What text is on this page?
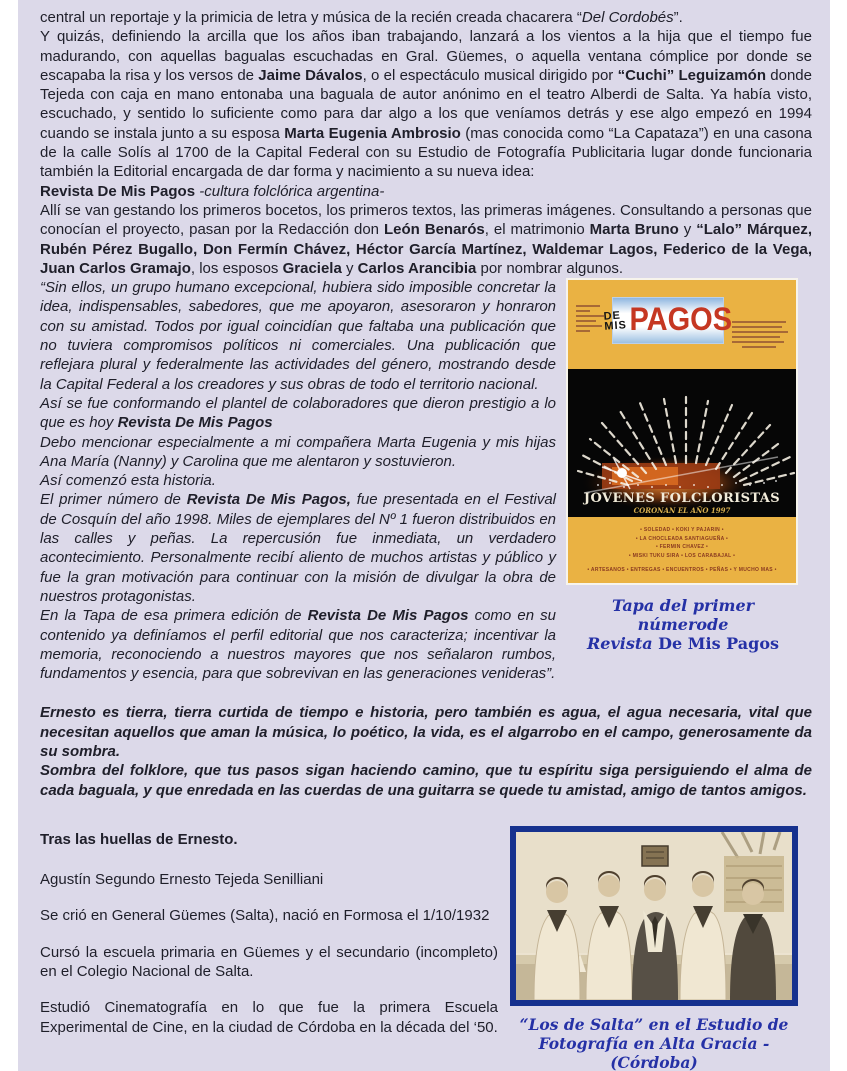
central un reportaje y la primicia de letra y música de la recién creada chacarera “Del Cordobés”.

Y quizás, definiendo la arcilla que los años iban trabajando, lanzará a los vientos a la hija que el tiempo fue madurando, con aquellas bagualas escuchadas en Gral. Güemes, o aquella ventana cómplice por donde se escapaba la risa y los versos de Jaime Dávalos, o el espectáculo musical dirigido por “Cuchi” Leguizamón donde Tejeda con caja en mano entonaba una baguala de autor anónimo en el teatro Alberdi de Salta. Ya había visto, escuchado, y sentido lo suficiente como para dar algo a los que veníamos detrás y ese algo empezó en 1994 cuando se instala junto a su esposa Marta Eugenia Ambrosio (mas conocida como “La Capataza”) en una casona de la calle Solís al 1700 de la Capital Federal con su Estudio de Fotografía Publicitaria lugar donde funcionaria también la Editorial encargada de dar forma y nacimiento a su nueva idea:

Revista De Mis Pagos -cultura folclórica argentina-

Allí se van gestando los primeros bocetos, los primeros textos, las primeras imágenes. Consultando a personas que conocían el proyecto, pasan por la Redacción don León Benarós, el matrimonio Marta Bruno y “Lalo” Márquez, Rubén Pérez Bugallo, Don Fermín Chávez, Héctor García Martínez, Waldemar Lagos, Federico de la Vega, Juan Carlos Gramajo, los esposos Graciela y Carlos Arancibia por nombrar algunos.

DE
MIS PAGOS
JOVENES FOLCLORISTAS
CORONAN EL AÑO 1997
• SOLEDAD • KOKI Y PAJARIN •
• LA CHOCLEADA SANTIAGUEÑA •
• FERMIN CHAVEZ •
• MISKI TUKU SIRA • LOS CARABAJAL •
• ARTESANOS • ENTREGAS • ENCUENTROS • PEÑAS • Y MUCHO MAS •
Tapa del primer númerode
Revista De Mis Pagos

“Sin ellos, un grupo humano excepcional, hubiera sido imposible concretar la idea, indispensables, sabedores, que me apoyaron, asesoraron y honraron con su amistad. Todos por igual coincidían que faltaba una publicación que no tuviera compromisos políticos ni comerciales. Una publicación que reflejara plural y federalmente las actividades del género, mostrando desde la Capital Federal a los creadores y sus obras de todo el territorio nacional.

Así se fue conformando el plantel de colaboradores que dieron prestigio a lo que es hoy Revista De Mis Pagos

Debo mencionar especialmente a mi compañera Marta Eugenia y mis hijas Ana María (Nanny) y Carolina que me alentaron y sostuvieron.

Así comenzó esta historia.

El primer número de Revista De Mis Pagos, fue presentada en el Festival de Cosquín del año 1998. Miles de ejemplares del Nº 1 fueron distribuidos en las calles y peñas. La repercusión fue inmediata, un verdadero acontecimiento. Personalmente recibí aliento de muchos artistas y público y fue la gran motivación para continuar con la misión de divulgar la obra de nuestros protagonistas.

En la Tapa de esa primera edición de Revista De Mis Pagos como en su contenido ya definíamos el perfil editorial que nos caracteriza; incentivar la memoria, reconociendo a nuestros mayores que nos señalaron rumbos, fundamentos y esencia, para que sobrevivan en las generaciones venideras”.

Ernesto es tierra, tierra curtida de tiempo e historia, pero también es agua, el agua necesaria, vital que necesitan aquellos que aman la música, lo poético, la vida, es el algarrobo en el campo, generosamente da su sombra.

Sombra del folklore, que tus pasos sigan haciendo camino, que tu espíritu siga persiguiendo el alma de cada baguala, y que enredada en las cuerdas de una guitarra se quede tu amistad, amigo de tantos amigos.

“Los de Salta” en el Estudio de
Fotografía en Alta Gracia - (Córdoba)

Tras las huellas de Ernesto.

Agustín Segundo Ernesto Tejeda Senilliani

Se crió en General Güemes (Salta), nació en Formosa el 1/10/1932

Cursó la escuela primaria en Güemes y el secundario (incompleto) en el Colegio Nacional de Salta.

Estudió Cinematografía en lo que fue la primera Escuela Experimental de Cine, en la ciudad de Córdoba en la década del ‘50.
